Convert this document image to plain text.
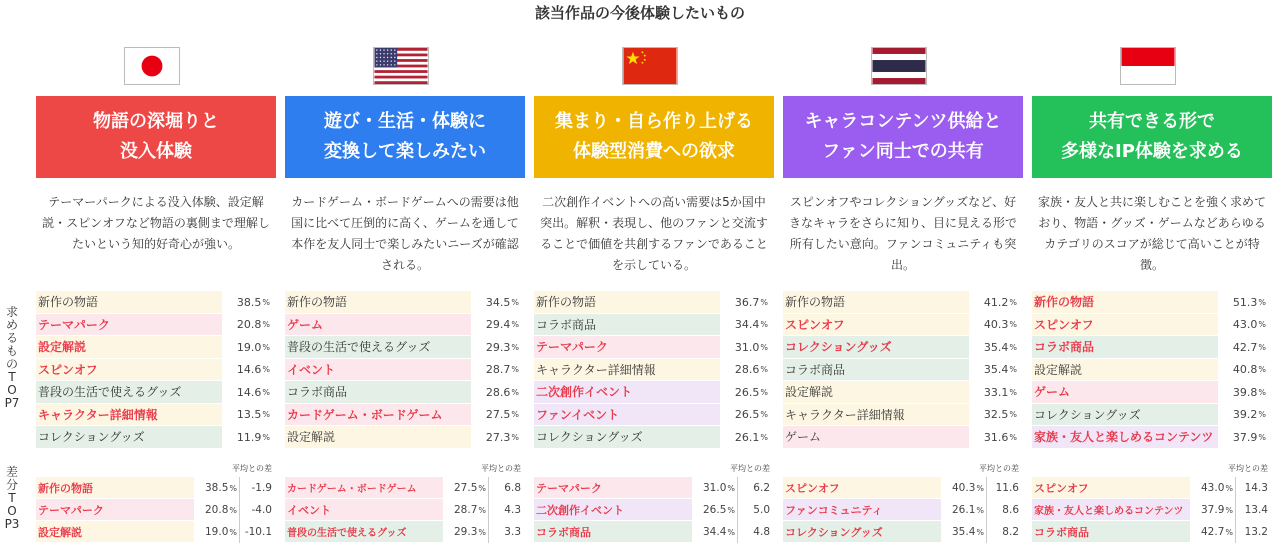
該当作品の今後体験したいもの
求めるものTOP7
差分TOP3
物語の深堀りと
没入体験
テーマーパークによる没入体験、設定解説・スピンオフなど物語の裏側まで理解したいという知的好奇心が強い。
新作の物語	38.5 %
テーマパーク	20.8 %
設定解説	19.0 %
スピンオフ	14.6 %
普段の生活で使えるグッズ	14.6 %
キャラクター詳細情報	13.5 %
コレクショングッズ	11.9 %
平均との差
新作の物語	38.5 %	-1.9
テーマパーク	20.8 %	-4.0
設定解説	19.0 % -10.1
遊び・生活・体験に
変換して楽しみたい
カードゲーム・ボードゲームへの需要は他国に比べて圧倒的に高く、ゲームを通して本作を友人同士で楽しみたいニーズが確認される。
新作の物語	34.5 %
ゲーム	29.4 %
普段の生活で使えるグッズ	29.3 %
イベント	28.7 %
コラボ商品	28.6 %
カードゲーム・ボードゲーム	27.5 %
設定解説	27.3 %
平均との差
カードゲーム・ボードゲーム	27.5 %	6.8
イベント	28.7 %	4.3
普段の生活で使えるグッズ	29.3 %	3.3
集まり・自ら作り上げる
体験型消費への欲求
二次創作イベントへの高い需要は5か国中突出。解釈・表現し、他のファンと交流することで価値を共創するファンであることを示している。
新作の物語	36.7 %
コラボ商品	34.4 %
テーマパーク	31.0 %
キャラクター詳細情報	28.6 %
二次創作イベント	26.5 %
ファンイベント	26.5 %
コレクショングッズ	26.1 %
平均との差
テーマパーク	31.0 %	6.2
二次創作イベント	26.5 %	5.0
コラボ商品	34.4 %	4.8
キャラコンテンツ供給と
ファン同士での共有
スピンオフやコレクショングッズなど、好きなキャラをさらに知り、目に見える形で所有したい意向。ファンコミュニティも突出。
新作の物語	41.2 %
スピンオフ	40.3 %
コレクショングッズ	35.4 %
コラボ商品	35.4 %
設定解説	33.1 %
キャラクター詳細情報	32.5 %
ゲーム	31.6 %
平均との差
スピンオフ	40.3 %	11.6
ファンコミュニティ	26.1 %	8.6
コレクショングッズ	35.4 %	8.2
共有できる形で
多様なIP体験を求める
家族・友人と共に楽しむことを強く求めており、物語・グッズ・ゲームなどあらゆるカテゴリのスコアが総じて高いことが特徴。
新作の物語	51.3 %
スピンオフ	43.0 %
コラボ商品	42.7 %
設定解説	40.8 %
ゲーム	39.8 %
コレクショングッズ	39.2 %
家族・友人と楽しめるコンテンツ	37.9 %
平均との差
スピンオフ	43.0 %	14.3
家族・友人と楽しめるコンテンツ	37.9 %	13.4
コラボ商品	42.7 %	13.2
